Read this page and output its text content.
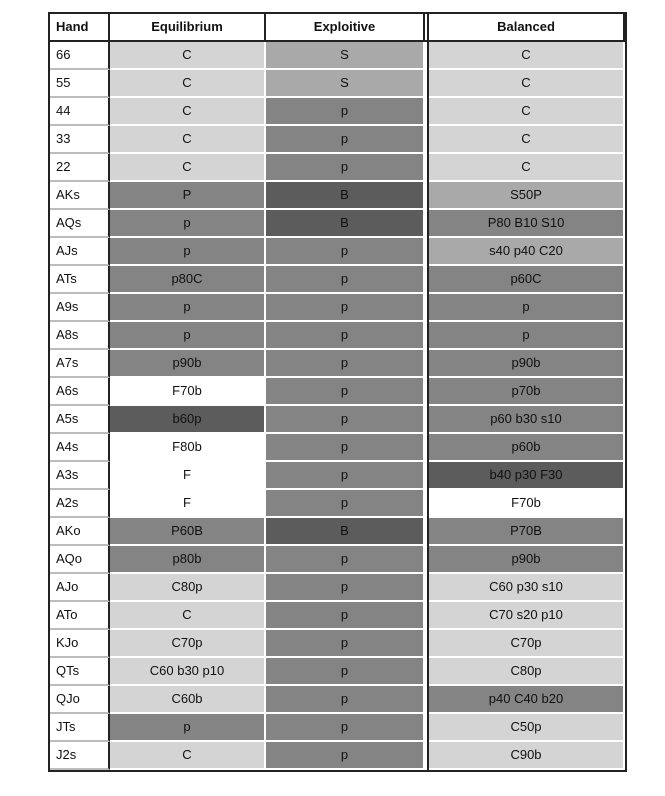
Hand	Equilibrium	Exploitive		Balanced
66	C	S		C
55	C	S		C
44	C	p		C
33	C	p		C
22	C	p		C
AKs	P	B		S50P
AQs	p	B		P80 B10 S10
AJs	p	p		s40 p40 C20
ATs	p80C	p		p60C
A9s	p	p		p
A8s	p	p		p
A7s	p90b	p		p90b
A6s	F70b	p		p70b
A5s	b60p	p		p60 b30 s10
A4s	F80b	p		p60b
A3s	F	p		b40 p30 F30
A2s	F	p		F70b
AKo	P60B	B		P70B
AQo	p80b	p		p90b
AJo	C80p	p		C60 p30 s10
ATo	C	p		C70 s20 p10
KJo	C70p	p		C70p
QTs	C60 b30 p10	p		C80p
QJo	C60b	p		p40 C40 b20
JTs	p	p		C50p
J2s	C	p		C90b
